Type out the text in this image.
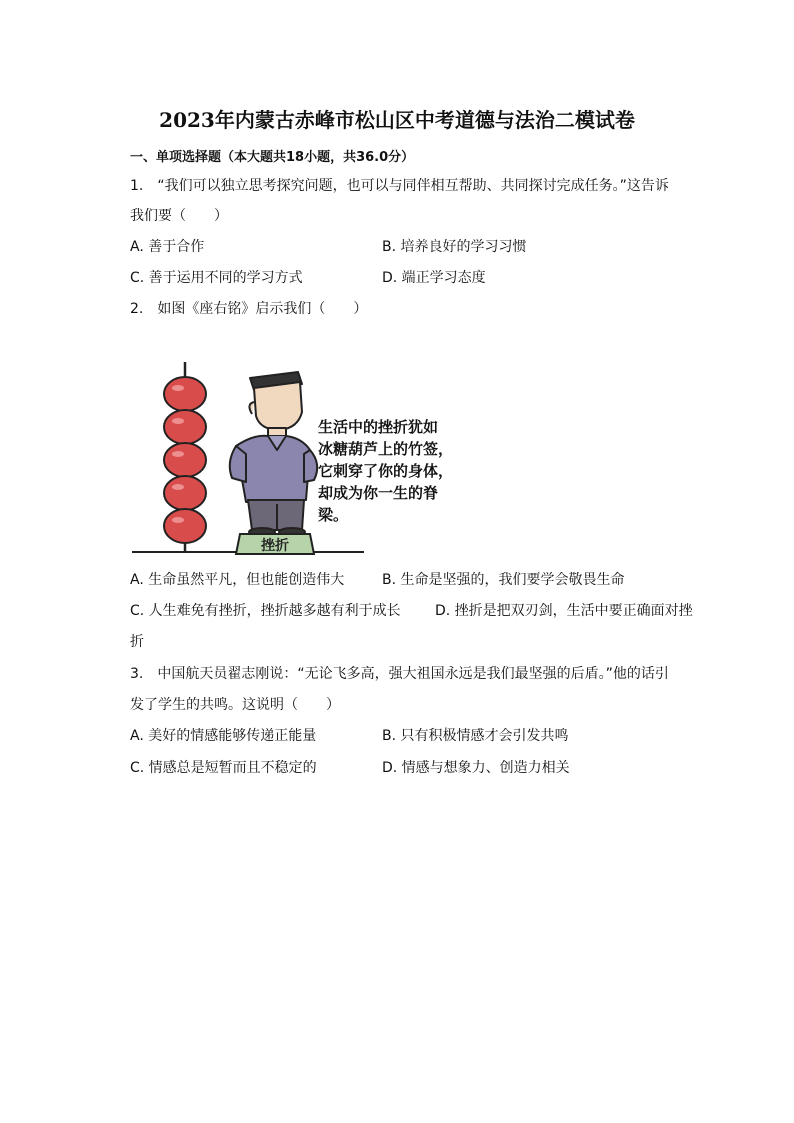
2023年内蒙古赤峰市松山区中考道德与法治二模试卷
一、单项选择题（本大题共18小题，共36.0分）
1.　“我们可以独立思考探究问题，也可以与同伴相互帮助、共同探讨完成任务。”这告诉
我们要（　　）
A. 善于合作	B. 培养良好的学习习惯
C. 善于运用不同的学习方式	D. 端正学习态度
2.　如图《座右铭》启示我们（　　）
挫折
生活中的挫折犹如
冰糖葫芦上的竹签，
它刺穿了你的身体，
却成为你一生的脊
梁。
A. 生命虽然平凡，但也能创造伟大	B. 生命是坚强的，我们要学会敬畏生命
C. 人生难免有挫折，挫折越多越有利于成长 D. 挫折是把双刃剑，生活中要正确面对挫
折
3.　中国航天员翟志刚说：“无论飞多高，强大祖国永远是我们最坚强的后盾。”他的话引
发了学生的共鸣。这说明（　　）
A. 美好的情感能够传递正能量	B. 只有积极情感才会引发共鸣
C. 情感总是短暂而且不稳定的	D. 情感与想象力、创造力相关
